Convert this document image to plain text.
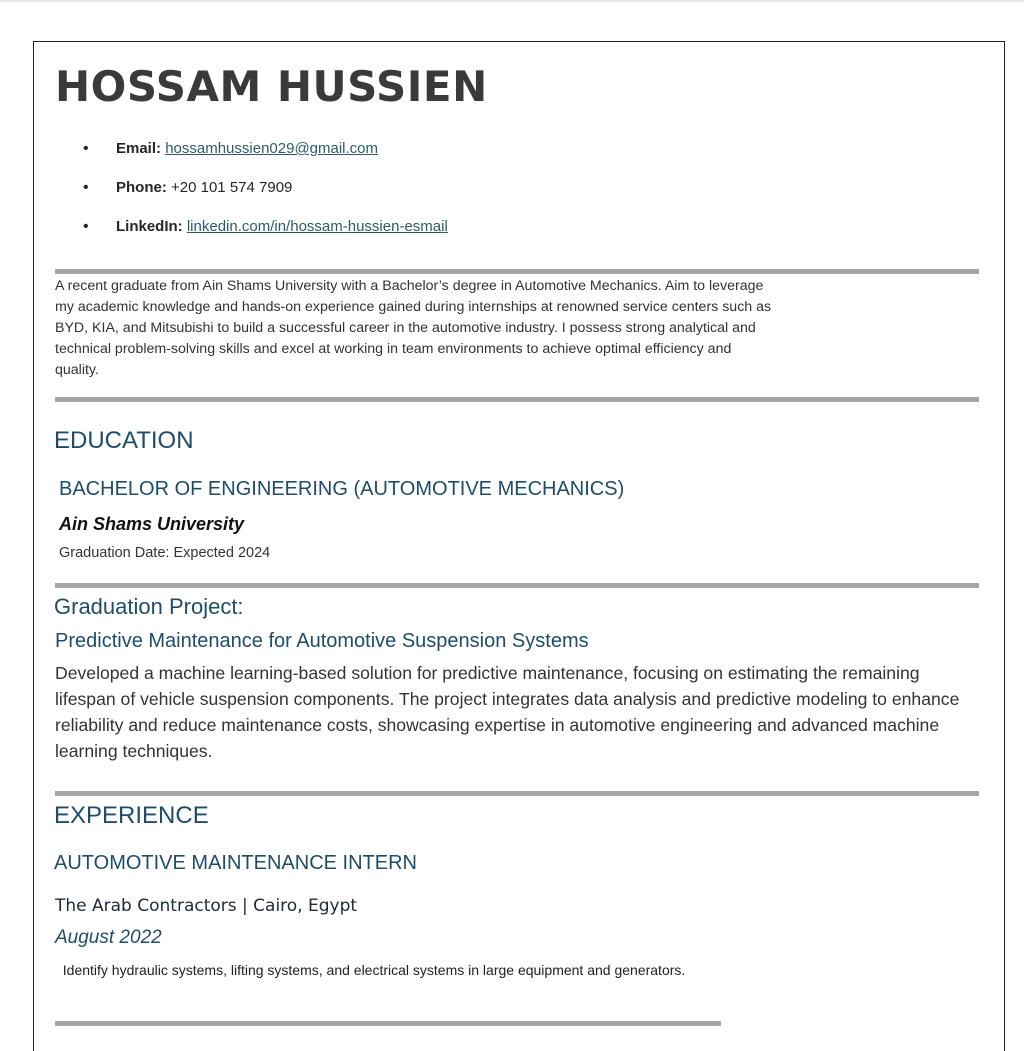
HOSSAM HUSSIEN
• Email: hossamhussien029@gmail.com
• Phone: +20 101 574 7909
• LinkedIn: linkedin.com/in/hossam-hussien-esmail

A recent graduate from Ain Shams University with a Bachelor’s degree in Automotive Mechanics. Aim to leverage my academic knowledge and hands-on experience gained during internships at renowned service centers such as BYD, KIA, and Mitsubishi to build a successful career in the automotive industry. I possess strong analytical and technical problem-solving skills and excel at working in team environments to achieve optimal efficiency and quality.

EDUCATION
BACHELOR OF ENGINEERING (AUTOMOTIVE MECHANICS)

Ain Shams University

Graduation Date: Expected 2024

Graduation Project:
Predictive Maintenance for Automotive Suspension Systems

Developed a machine learning-based solution for predictive maintenance, focusing on estimating the remaining lifespan of vehicle suspension components. The project integrates data analysis and predictive modeling to enhance reliability and reduce maintenance costs, showcasing expertise in automotive engineering and advanced machine learning techniques.

EXPERIENCE
AUTOMOTIVE MAINTENANCE INTERN

The Arab Contractors | Cairo, Egypt

August 2022

Identify hydraulic systems, lifting systems, and electrical systems in large equipment and generators.
